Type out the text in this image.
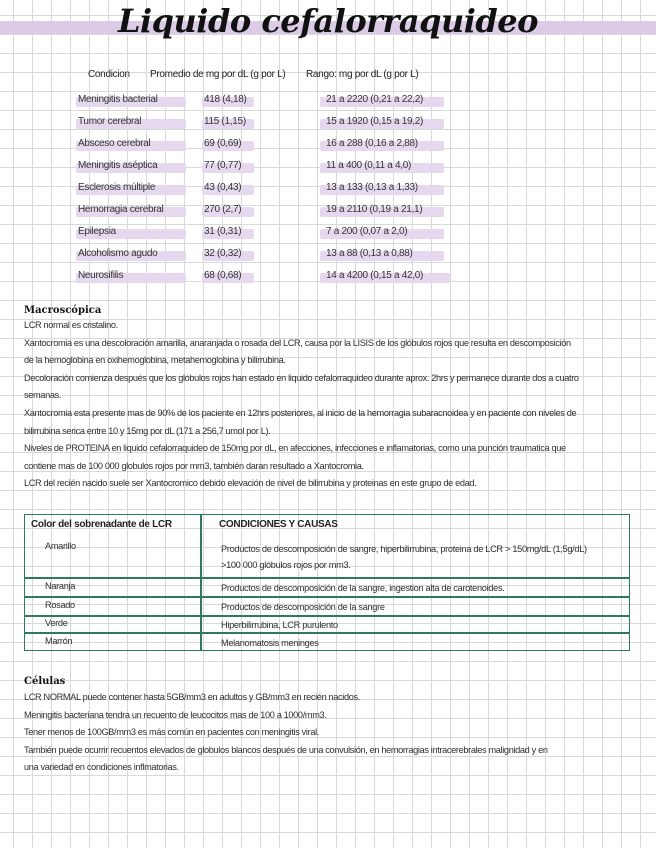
Liquido cefalorraquideo
Condicion Promedio de mg por dL (g por L) Rango: mg por dL (g por L)
Meningitis bacterial	418 (4,18)	21 a 2220 (0,21 a 22,2)
Tumor cerebral	115 (1,15)	15 a 1920 (0,15 a 19,2)
Absceso cerebral	69 (0,69)	16 a 288 (0,16 a 2,88)
Meningitis aséptica	77 (0,77)	11 a 400 (0,11 a 4,0)
Esclerosis múltiple	43 (0,43)	13 a 133 (0,13 a 1,33)
Hemorragia cerebral	270 (2,7)	19 a 2110 (0,19 a 21,1)
Epilepsia	31 (0,31)	7 a 200 (0,07 a 2,0)
Alcoholismo agudo	32 (0,32)	13 a 88 (0,13 a 0,88)
Neurosifilis	68 (0,68)	14 a 4200 (0,15 a 42,0)
Macroscópica

LCR normal es cristalino.

Xantocromia es una descoloración amarilla, anaranjada o rosada del LCR, causa por la LISIS de los glóbulos rojos que resulta en descomposición

de la hemoglobina en oxihemoglobina, metahemoglobina y bilirrubina.

Decoloración comienza después que los glóbulos rojos han estado en liquido cefalorraquideo durante aprox. 2hrs y permanece durante dos a cuatro

semanas.

Xantocromia esta presente mas de 90% de los paciente en 12hrs posteriores, al inicio de la hemorragia subaracnoidea y en paciente con niveles de

bilirrubina serica entre 10 y 15mg por dL (171 a 256,7 umol por L).

Niveles de PROTEINA en liquido cefalorraquideo de 150mg por dL, en afecciones, infecciones e inflamatorias, como una punción traumatica que

contiene mas de 100 000 globulos rojos por mm3, también daran resultado a Xantocromia.

LCR del recién nacido suele ser Xantocromico debido elevación de nivel de bilirrubina y proteinas en este grupo de edad.

Color del sobrenadante de LCR	CONDICIONES Y CAUSAS
Amarillo	Productos de descomposición de sangre, hiperbilirrubina, proteina de LCR > 150mg/dL (1,5g/dL)
>100 000 glóbulos rojos por mm3.
Naranja	Productos de descomposición de la sangre, ingestion alta de carotenoides.
Rosado	Productos de descomposición de la sangre
Verde	Hiperbilirrubina, LCR purulento
Marrón	Melanomatosis meninges
Células

LCR NORMAL puede contener hasta 5GB/mm3 en adultos y GB/mm3 en recién nacidos.

Meningitis bacteriana tendra un recuento de leucocitos mas de 100 a 1000/mm3.

Tener menos de 100GB/mm3 es más común en pacientes con meningitis viral.

También puede ocurrir recuentos elevados de globulos blancos después de una convulsión, en hemorragias intracerebrales malignidad y en

una variedad en condiciones inflmatorias.
